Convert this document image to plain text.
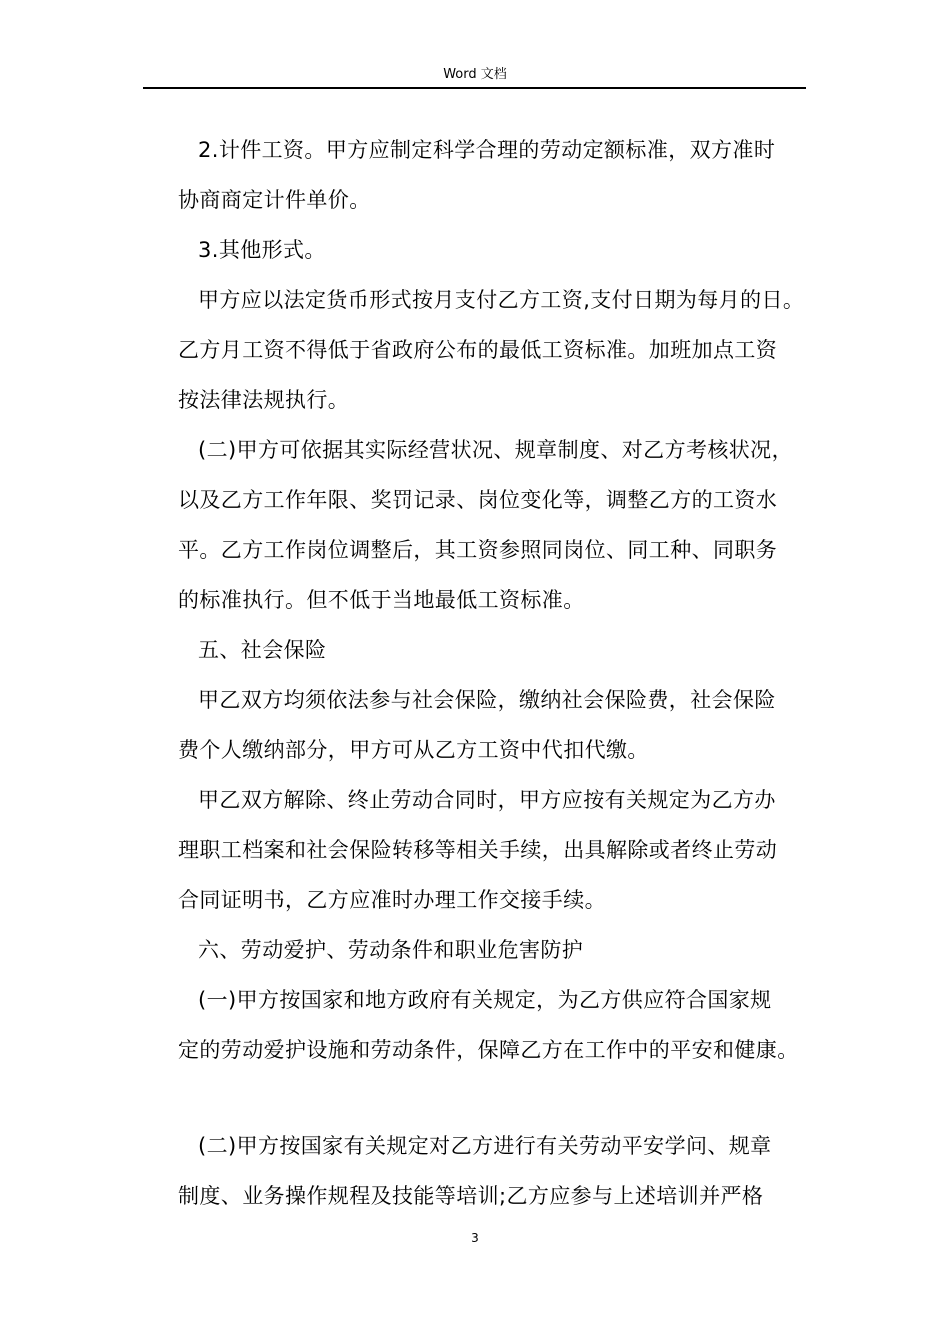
Word 文档
2.计件工资。甲方应制定科学合理的劳动定额标准，双方准时
协商商定计件单价。
3.其他形式。
甲方应以法定货币形式按月支付乙方工资,支付日期为每月的日。
乙方月工资不得低于省政府公布的最低工资标准。加班加点工资
按法律法规执行。
(二)甲方可依据其实际经营状况、规章制度、对乙方考核状况，
以及乙方工作年限、奖罚记录、岗位变化等，调整乙方的工资水
平。乙方工作岗位调整后，其工资参照同岗位、同工种、同职务
的标准执行。但不低于当地最低工资标准。
五、社会保险
甲乙双方均须依法参与社会保险，缴纳社会保险费，社会保险
费个人缴纳部分，甲方可从乙方工资中代扣代缴。
甲乙双方解除、终止劳动合同时，甲方应按有关规定为乙方办
理职工档案和社会保险转移等相关手续，出具解除或者终止劳动
合同证明书，乙方应准时办理工作交接手续。
六、劳动爱护、劳动条件和职业危害防护
(一)甲方按国家和地方政府有关规定，为乙方供应符合国家规
定的劳动爱护设施和劳动条件，保障乙方在工作中的平安和健康。
(二)甲方按国家有关规定对乙方进行有关劳动平安学问、规章
制度、业务操作规程及技能等培训;乙方应参与上述培训并严格
3
